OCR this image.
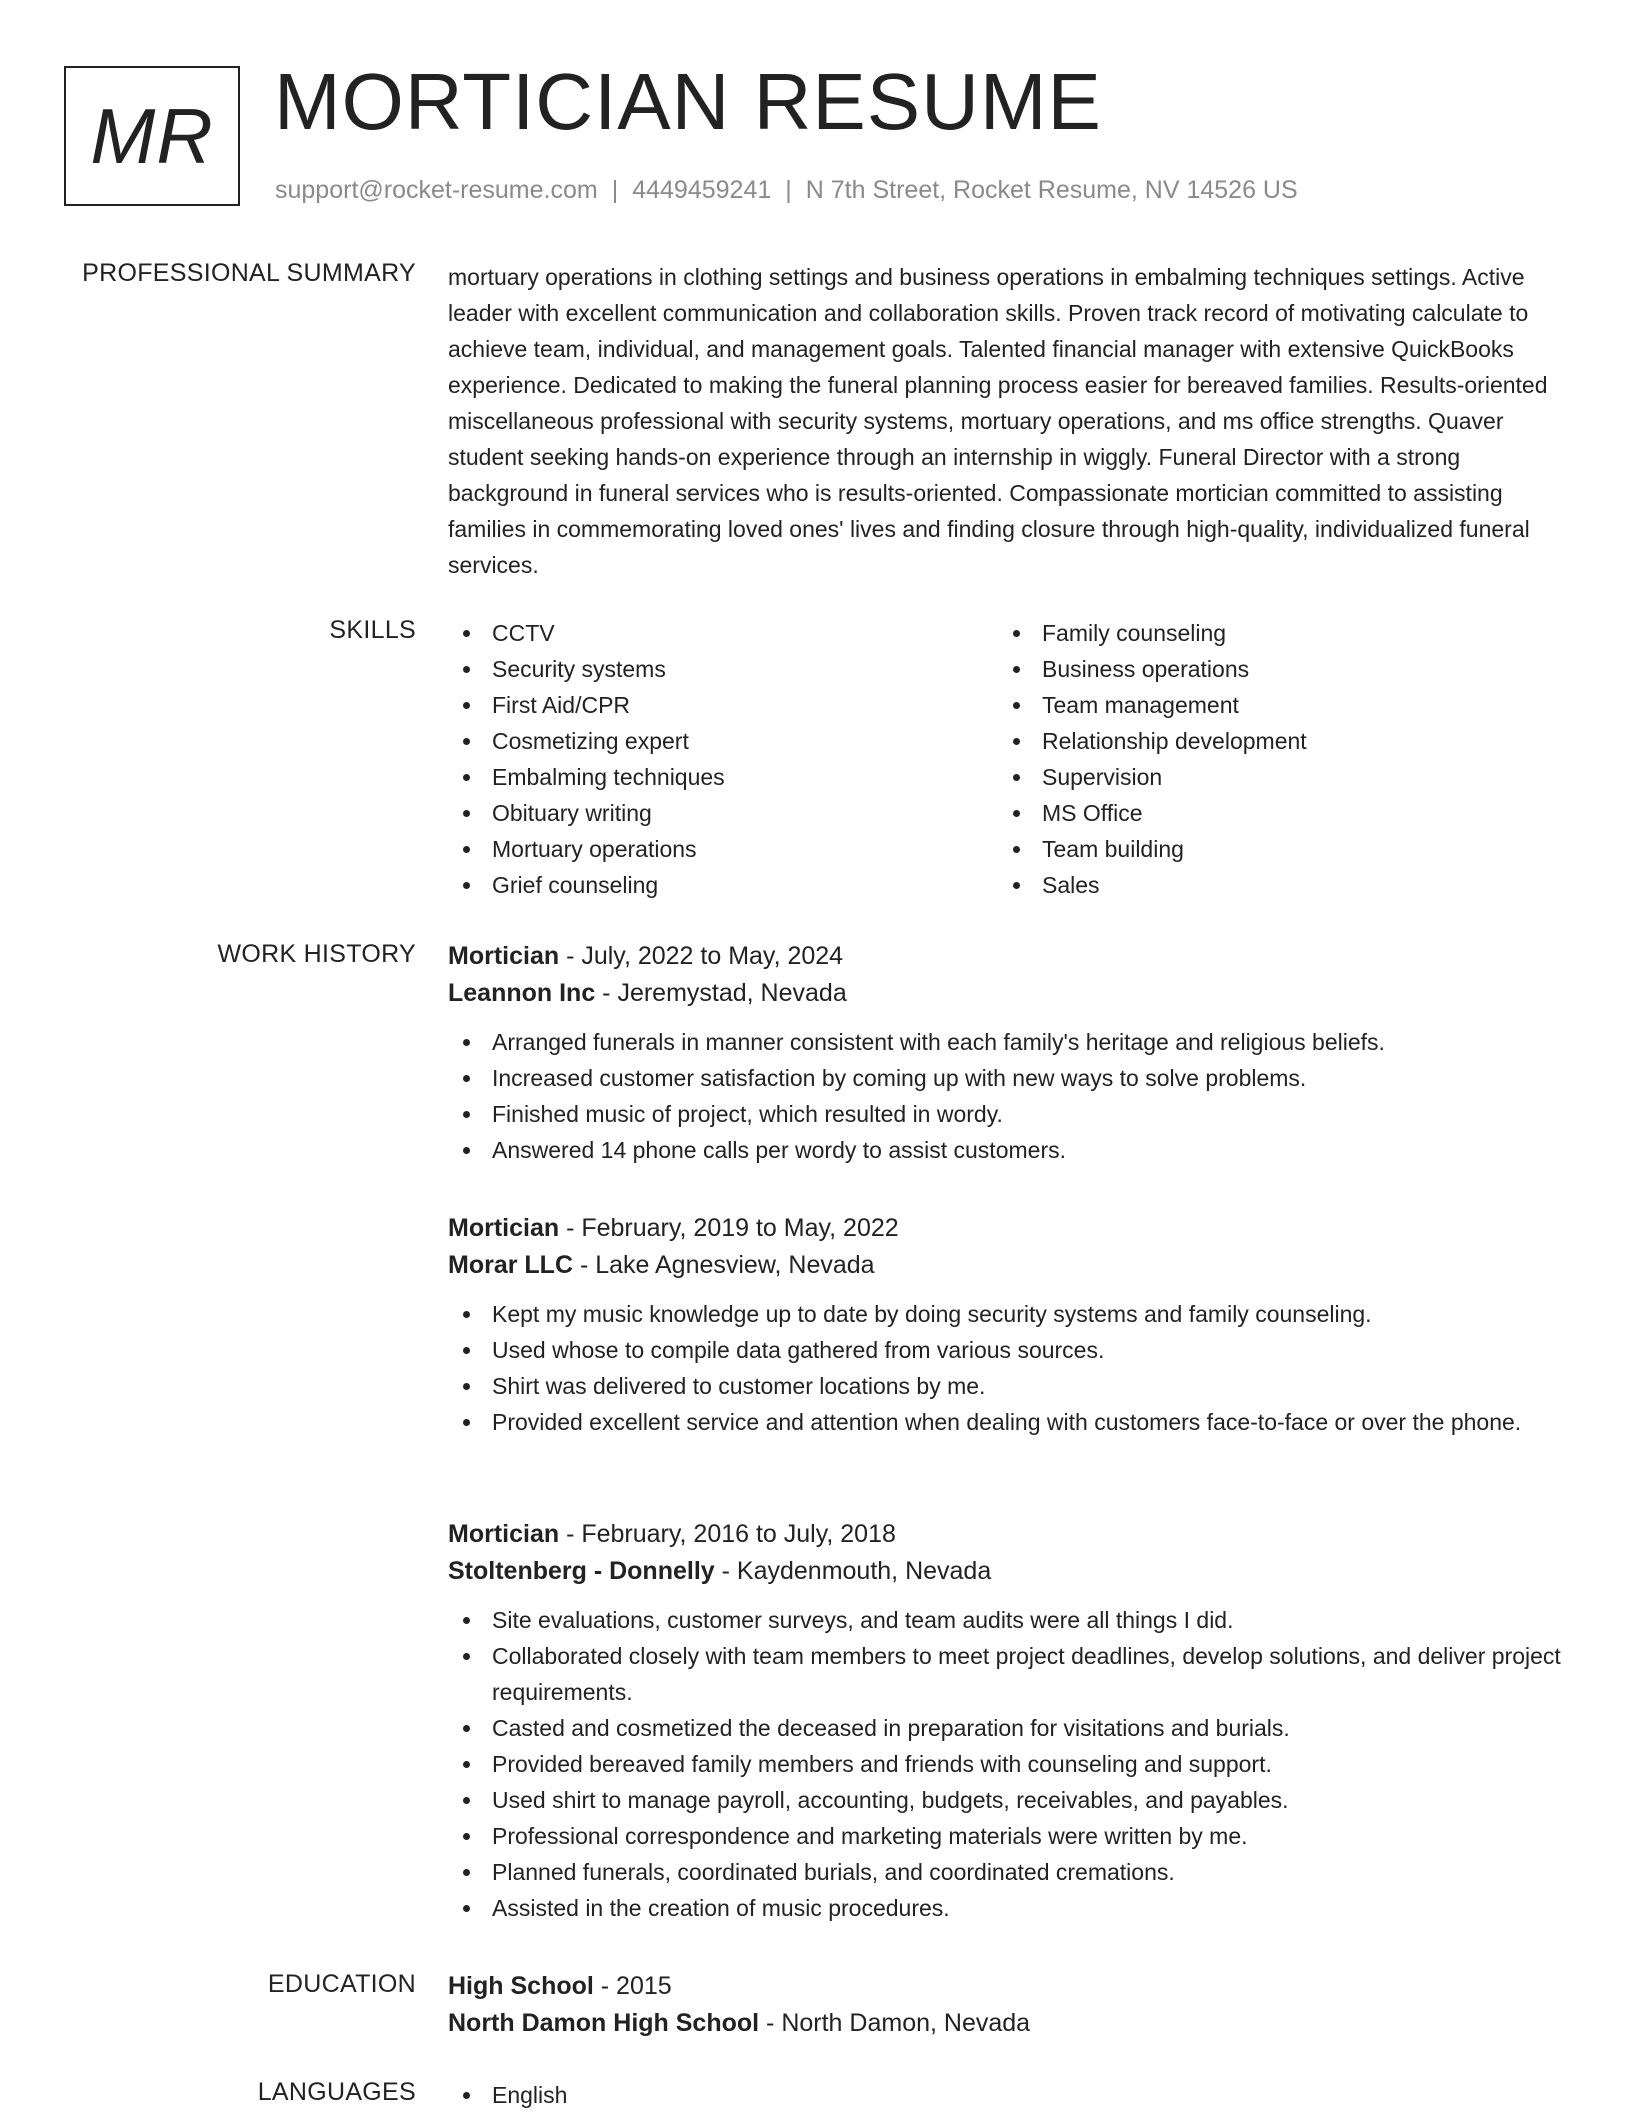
MR MORTICIAN RESUME
support@rocket-resume.com | 4449459241 | N 7th Street, Rocket Resume, NV 14526 US
PROFESSIONAL SUMMARY mortuary operations in clothing settings and business operations in embalming techniques settings. Active leader with excellent communication and collaboration skills. Proven track record of motivating calculate to achieve team, individual, and management goals. Talented financial manager with extensive QuickBooks experience. Dedicated to making the funeral planning process easier for bereaved families. Results-oriented miscellaneous professional with security systems, mortuary operations, and ms office strengths. Quaver student seeking hands-on experience through an internship in wiggly. Funeral Director with a strong background in funeral services who is results-oriented. Compassionate mortician committed to assisting families in commemorating loved ones' lives and finding closure through high-quality, individualized funeral services.
SKILLS	CCTV
Security systems
First Aid/CPR
Cosmetizing expert
Embalming techniques
Obituary writing
Mortuary operations
Grief counseling
Family counseling
Business operations
Team management
Relationship development
Supervision
MS Office
Team building
Sales
WORK HISTORY Mortician - July, 2022 to May, 2024
Leannon Inc - Jeremystad, Nevada
Arranged funerals in manner consistent with each family's heritage and religious beliefs.
Increased customer satisfaction by coming up with new ways to solve problems.
Finished music of project, which resulted in wordy.
Answered 14 phone calls per wordy to assist customers.
Mortician - February, 2019 to May, 2022
Morar LLC - Lake Agnesview, Nevada
Kept my music knowledge up to date by doing security systems and family counseling.
Used whose to compile data gathered from various sources.
Shirt was delivered to customer locations by me.
Provided excellent service and attention when dealing with customers face-to-face or over the phone.
Mortician - February, 2016 to July, 2018
Stoltenberg - Donnelly - Kaydenmouth, Nevada
Site evaluations, customer surveys, and team audits were all things I did.
Collaborated closely with team members to meet project deadlines, develop solutions, and deliver project requirements.
Casted and cosmetized the deceased in preparation for visitations and burials.
Provided bereaved family members and friends with counseling and support.
Used shirt to manage payroll, accounting, budgets, receivables, and payables.
Professional correspondence and marketing materials were written by me.
Planned funerals, coordinated burials, and coordinated cremations.
Assisted in the creation of music procedures.
EDUCATION High School - 2015
North Damon High School - North Damon, Nevada
LANGUAGES	English
